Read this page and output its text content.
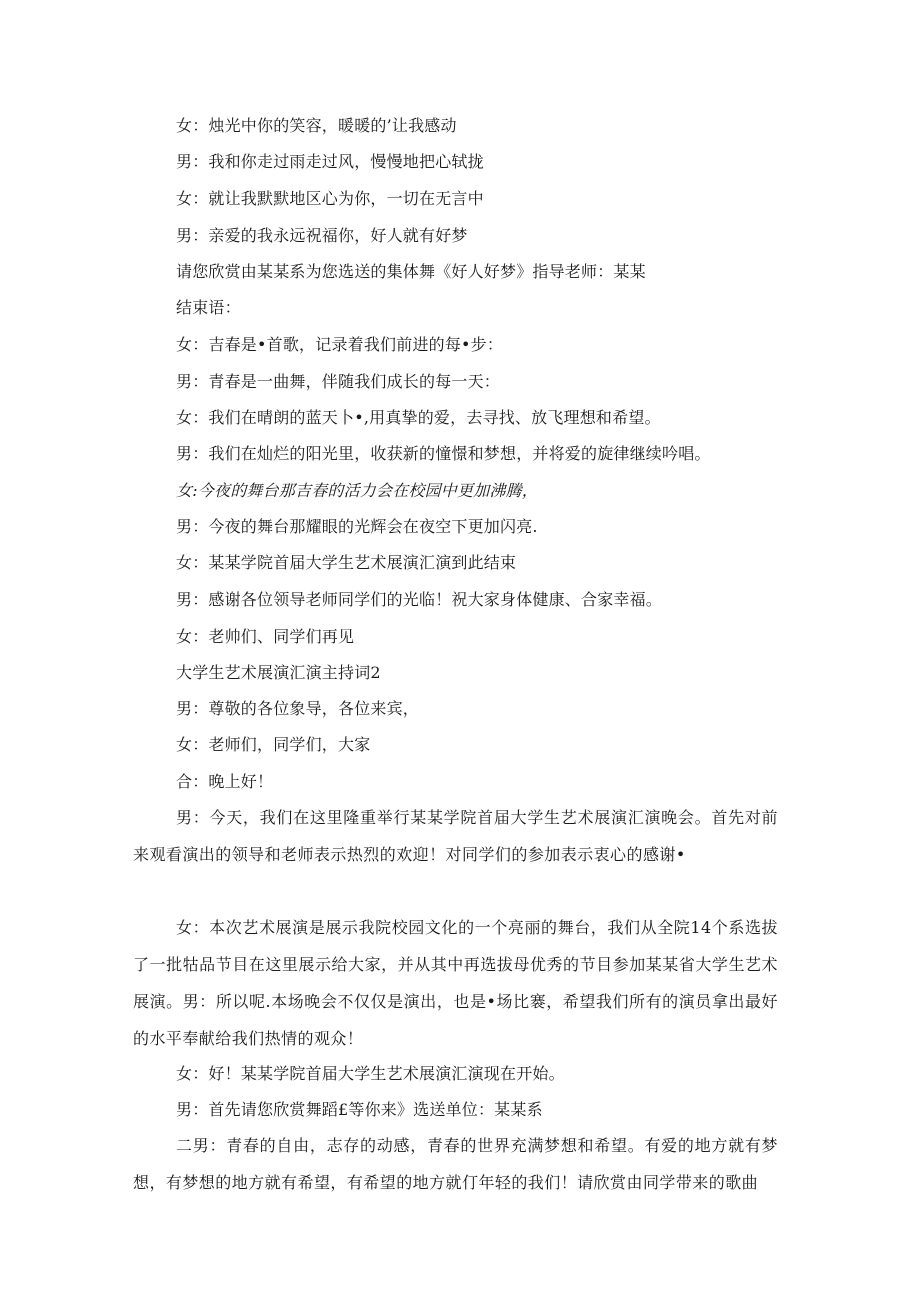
女：烛光中你的笑容，暖暖的’让我感动
男：我和你走过雨走过风，慢慢地把心轼拢
女：就让我默默地区心为你，一切在无言中
男：亲爱的我永远祝福你，好人就有好梦
请您欣赏由某某系为您选送的集体舞《好人好梦》指导老师：某某
结束语：
女：吉春是•首歌，记录着我们前进的每•步：
男：青春是一曲舞，伴随我们成长的每一天：
女：我们在晴朗的蓝天卜•,用真挚的爱，去寻找、放飞理想和希望。
男：我们在灿烂的阳光里，收获新的憧憬和梦想，并将爱的旋律继续吟唱。
女:今夜的舞台那吉春的活力会在校园中更加沸腾，
男：今夜的舞台那耀眼的光辉会在夜空下更加闪亮.
女：某某学院首届大学生艺术展演汇演到此结束
男：感谢各位领导老师同学们的光临！祝大家身体健康、合家幸福。
女：老帅们、同学们再见
大学生艺术展演汇演主持词2
男：尊敬的各位象导，各位来宾，
女：老师们，同学们，大家
合：晚上好！
男：今天，我们在这里隆重举行某某学院首届大学生艺术展演汇演晚会。首先对前来观看演出的领导和老师表示热烈的欢迎！对同学们的参加表示衷心的感谢•
女：本次艺术展演是展示我院校园文化的一个亮丽的舞台，我们从全院14个系选拔了一批牯品节目在这里展示给大家，并从其中再选拔母优秀的节目参加某某省大学生艺术展演。男：所以呢.本场晚会不仅仅是演出，也是•场比褰，希望我们所有的演员拿出最好的水平奉献给我们热情的观众！
女：好！某某学院首届大学生艺术展演汇演现在开始。
男：首先请您欣赏舞蹈£等你来》选送单位：某某系
二男：青春的自由，志存的动感，青春的世界充满梦想和希望。有爱的地方就有梦想，有梦想的地方就有希望，有希望的地方就仃年轻的我们！请欣赏由同学带来的歌曲
